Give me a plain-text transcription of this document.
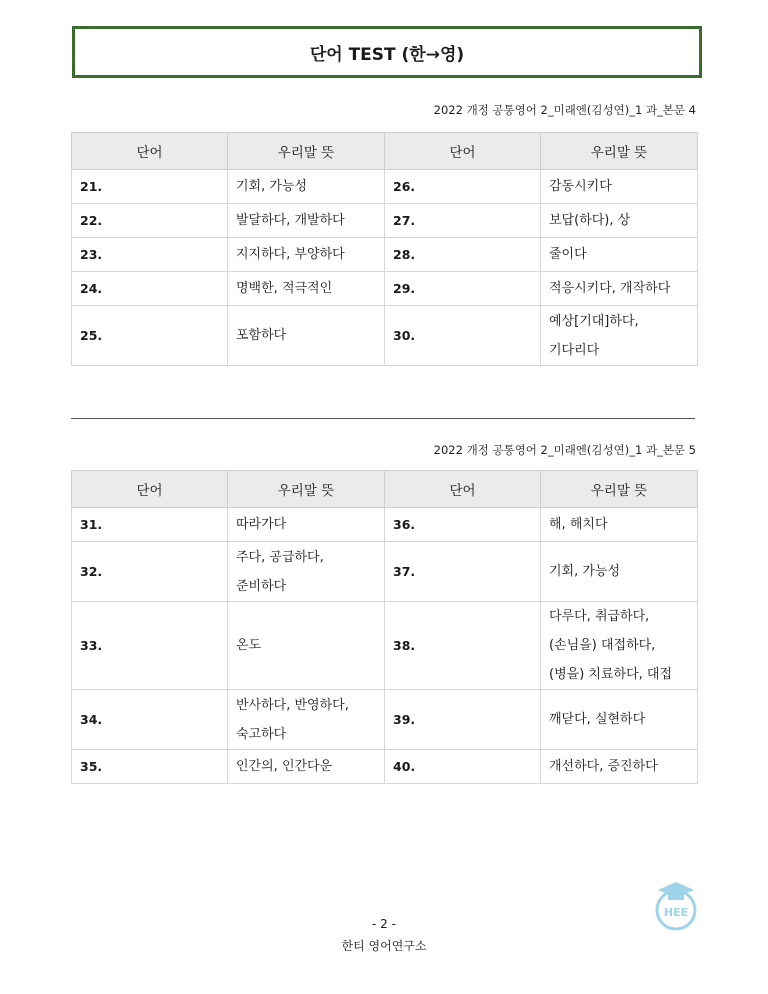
단어 TEST (한→영)
2022 개정 공통영어 2_미래엔(김성연)_1 과_본문 4
단어	우리말 뜻	단어	우리말 뜻
21.	기회, 가능성	26.	감동시키다

22.	발달하다, 개발하다	27.	보답(하다), 상

23.	지지하다, 부양하다	28.	줄이다

24.	명백한, 적극적인	29.	적응시키다, 개작하다

25.	포함하다	30.	예상[기대]하다,
기다리다
2022 개정 공통영어 2_미래엔(김성연)_1 과_본문 5
단어	우리말 뜻	단어	우리말 뜻
31.	따라가다	36.	해, 해치다

32.	주다, 공급하다,
준비하다	37.	기회, 가능성

33.	온도	38.	다루다, 취급하다,
(손님을) 대접하다,
(병을) 치료하다, 대접

34.	반사하다, 반영하다,
숙고하다	39.	깨닫다, 실현하다

35.	인간의, 인간다운	40.	개선하다, 증진하다
- 2 -
한티 영어연구소
HEE
